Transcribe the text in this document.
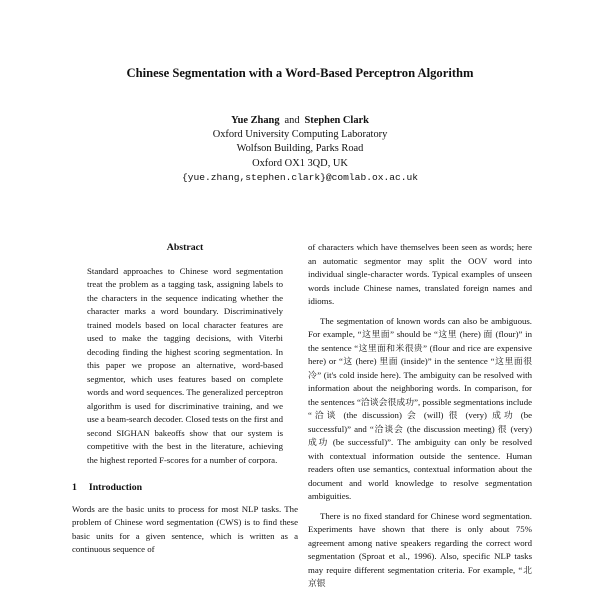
Chinese Segmentation with a Word-Based Perceptron Algorithm
Yue Zhang and Stephen Clark
Oxford University Computing Laboratory
Wolfson Building, Parks Road
Oxford OX1 3QD, UK
{yue.zhang,stephen.clark}@comlab.ox.ac.uk
Abstract

Standard approaches to Chinese word segmentation treat the problem as a tagging task, assigning labels to the characters in the sequence indicating whether the character marks a word boundary. Discriminatively trained models based on local character features are used to make the tagging decisions, with Viterbi decoding finding the highest scoring segmentation. In this paper we propose an alternative, word-based segmentor, which uses features based on complete words and word sequences. The generalized perceptron algorithm is used for discriminative training, and we use a beam-search decoder. Closed tests on the first and second SIGHAN bakeoffs show that our system is competitive with the best in the literature, achieving the highest reported F-scores for a number of corpora.

1 Introduction

Words are the basic units to process for most NLP tasks. The problem of Chinese word segmentation (CWS) is to find these basic units for a given sentence, which is written as a continuous sequence of

of characters which have themselves been seen as words; here an automatic segmentor may split the OOV word into individual single-character words. Typical examples of unseen words include Chinese names, translated foreign names and idioms.

The segmentation of known words can also be ambiguous. For example, “这里面” should be “这里 (here) 面 (flour)” in the sentence “这里面和米很贵” (flour and rice are expensive here) or “这 (here) 里面 (inside)” in the sentence “这里面很冷” (it's cold inside here). The ambiguity can be resolved with information about the neighboring words. In comparison, for the sentences “洽谈会很成功”, possible segmentations include “洽谈 (the discussion) 会 (will) 很 (very) 成功 (be successful)” and “洽谈会 (the discussion meeting) 很 (very) 成功 (be successful)”. The ambiguity can only be resolved with contextual information outside the sentence. Human readers often use semantics, contextual information about the document and world knowledge to resolve segmentation ambiguities.

There is no fixed standard for Chinese word segmentation. Experiments have shown that there is only about 75% agreement among native speakers regarding the correct word segmentation (Sproat et al., 1996). Also, specific NLP tasks may require different segmentation criteria. For example, “北京银
